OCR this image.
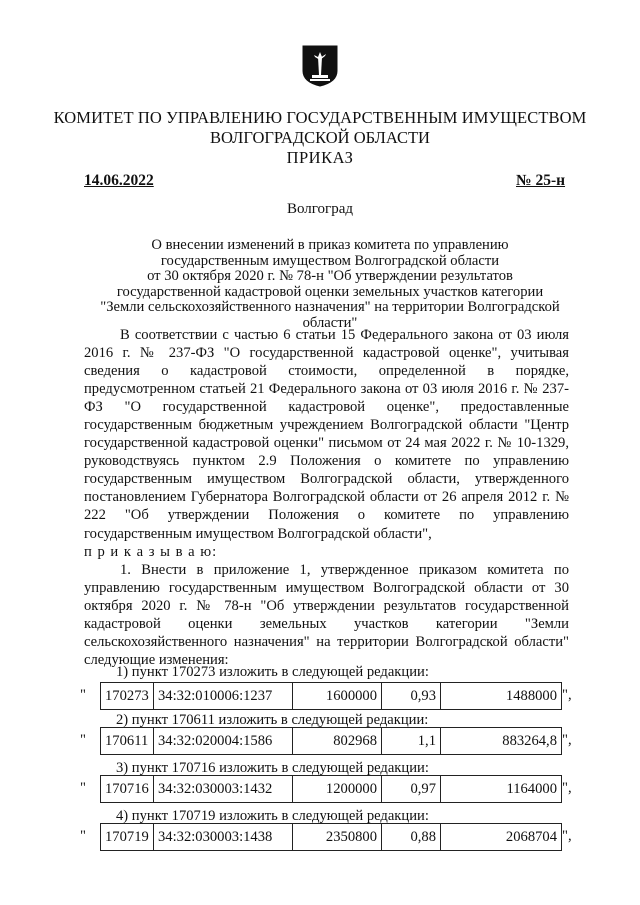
КОМИТЕТ ПО УПРАВЛЕНИЮ ГОСУДАРСТВЕННЫМ ИМУЩЕСТВОМ
ВОЛГОГРАДСКОЙ ОБЛАСТИ
ПРИКАЗ
14.06.2022	№ 25-н
Волгоград
О внесении изменений в приказ комитета по управлению
государственным имуществом Волгоградской области
от 30 октября 2020 г. № 78-н "Об утверждении результатов
государственной кадастровой оценки земельных участков категории
"Земли сельскохозяйственного назначения" на территории Волгоградской
области"

В соответствии с частью 6 статьи 15 Федерального закона от 03 июля 2016 г. № 237-ФЗ "О государственной кадастровой оценке", учитывая сведения о кадастровой стоимости, определенной в порядке, предусмотренном статьей 21 Федерального закона от 03 июля 2016 г. № 237-ФЗ "О государственной кадастровой оценке", предоставленные государственным бюджетным учреждением Волгоградской области "Центр государственной кадастровой оценки" письмом от 24 мая 2022 г. № 10-1329, руководствуясь пунктом 2.9 Положения о комитете по управлению государственным имуществом Волгоградской области, утвержденного постановлением Губернатора Волгоградской области от 26 апреля 2012 г. № 222 "Об утверждении Положения о комитете по управлению государственным имуществом Волгоградской области",

п р и к а з ы в а ю:

1. Внести в приложение 1, утвержденное приказом комитета по управлению государственным имуществом Волгоградской области от 30 октября 2020 г. № 78-н "Об утверждении результатов государственной кадастровой оценки земельных участков категории "Земли сельскохозяйственного назначения" на территории Волгоградской области" следующие изменения:

1) пункт 170273 изложить в следующей редакции:
" 170273	34:32:010006:1237	1600000	0,93	1488000 ",
2) пункт 170611 изложить в следующей редакции:
" 170611	34:32:020004:1586	802968	1,1	883264,8 ",
3) пункт 170716 изложить в следующей редакции:
" 170716	34:32:030003:1432	1200000	0,97	1164000 ",
4) пункт 170719 изложить в следующей редакции:
" 170719	34:32:030003:1438	2350800	0,88	2068704 ",
